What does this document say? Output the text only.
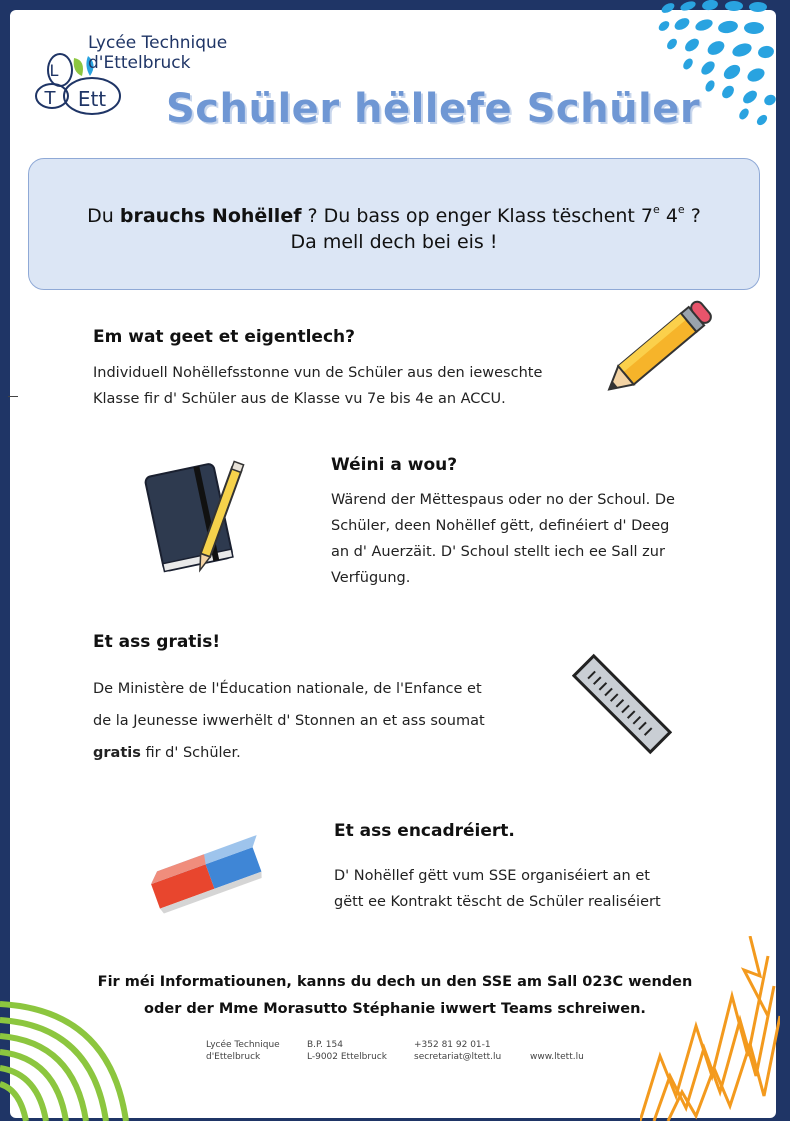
L
T Ett
Lycée Technique
d'Ettelbruck
Schüler hëllefe Schüler
Du brauchs Nohëllef ? Du bass op enger Klass tëschent 7e 4e ?
Da mell dech bei eis !
Em wat geet et eigentlech?
Individuell Nohëllefsstonne vun de Schüler aus den ieweschte
Klasse fir d' Schüler aus de Klasse vu 7e bis 4e an ACCU.
Wéini a wou?
Wärend der Mëttespaus oder no der Schoul. De
Schüler, deen Nohëllef gëtt, definéiert d' Deeg
an d' Auerzäit. D' Schoul stellt iech ee Sall zur
Verfügung.
Et ass gratis!
De Ministère de l'Éducation nationale, de l'Enfance et
de la Jeunesse iwwerhëlt d' Stonnen an et ass soumat
gratis fir d' Schüler.
Et ass encadréiert.
D' Nohëllef gëtt vum SSE organiséiert an et
gëtt ee Kontrakt tëscht de Schüler realiséiert
Fir méi Informatiounen, kanns du dech un den SSE am Sall 023C wenden
oder der Mme Morasutto Stéphanie iwwert Teams schreiwen.
Lycée Technique
d'Ettelbruck
B.P. 154
L-9002 Ettelbruck
+352 81 92 01-1
secretariat@ltett.lu	www.ltett.lu
